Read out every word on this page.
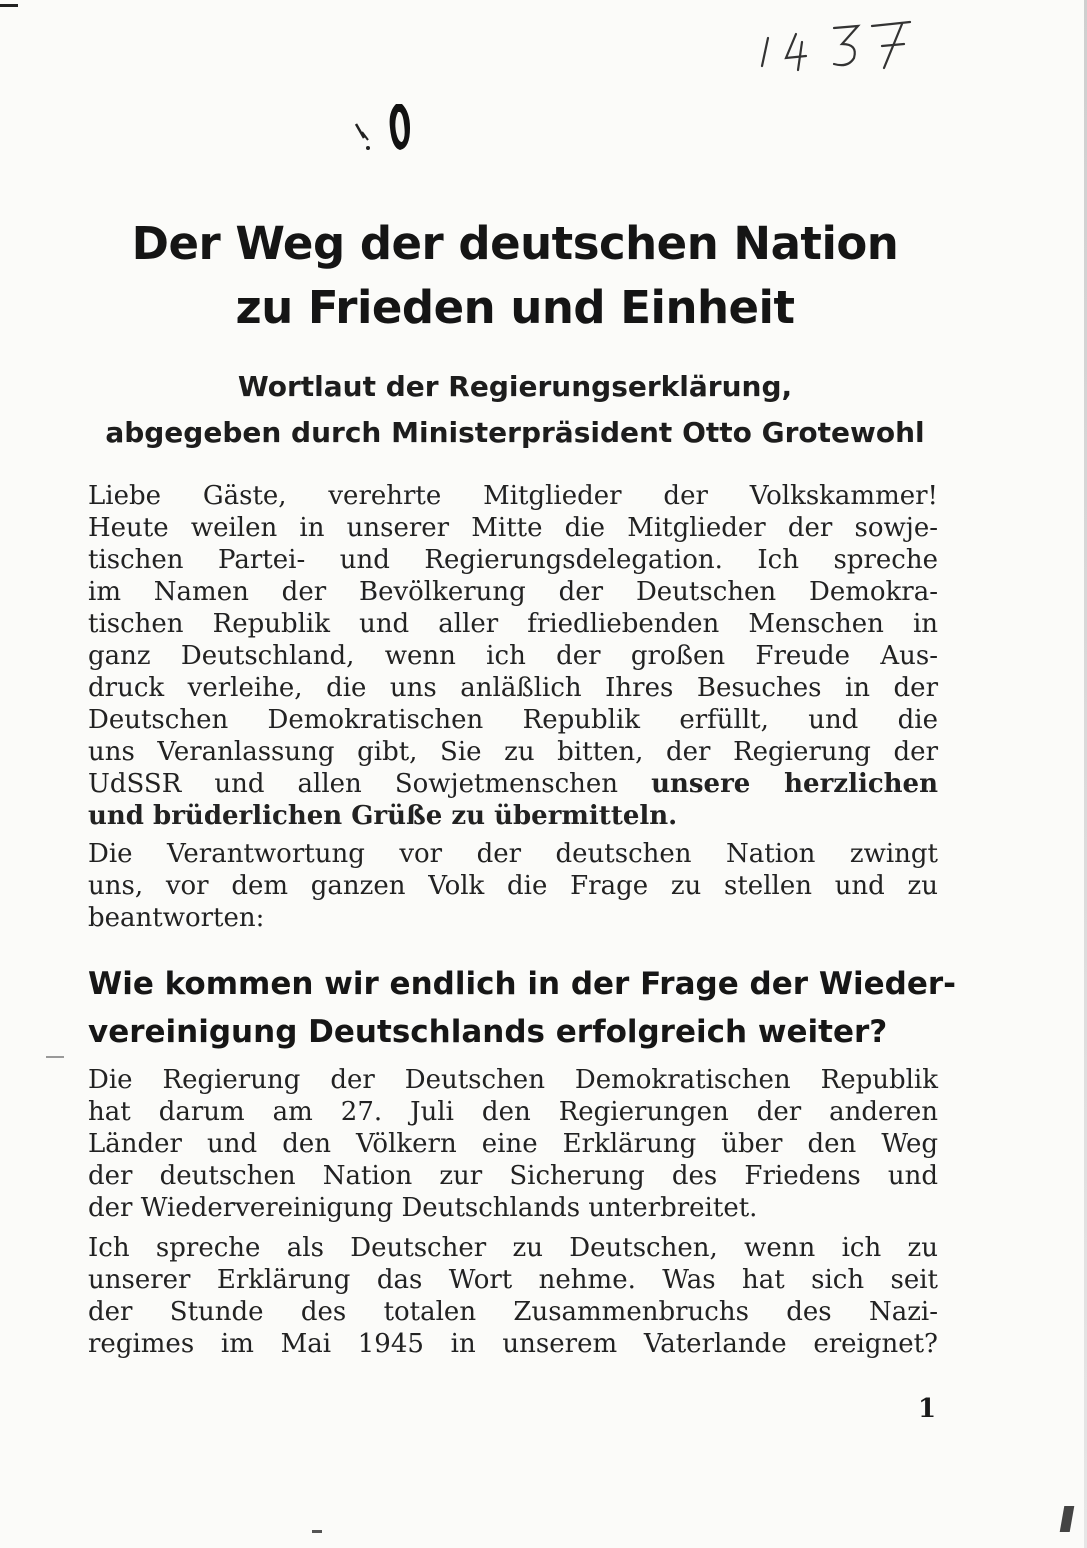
Der Weg der deutschen Nation
zu Frieden und Einheit
Wortlaut der Regierungserklärung,
abgegeben durch Ministerpräsident Otto Grotewohl
Liebe Gäste, verehrte Mitglieder der Volkskammer!
Heute weilen in unserer Mitte die Mitglieder der sowje-
tischen Partei- und Regierungsdelegation. Ich spreche
im Namen der Bevölkerung der Deutschen Demokra-
tischen Republik und aller friedliebenden Menschen in
ganz Deutschland, wenn ich der großen Freude Aus-
druck verleihe, die uns anläßlich Ihres Besuches in der
Deutschen Demokratischen Republik erfüllt, und die
uns Veranlassung gibt, Sie zu bitten, der Regierung der
UdSSR und allen Sowjetmenschen unsere herzlichen
und brüderlichen Grüße zu übermitteln.
Die Verantwortung vor der deutschen Nation zwingt
uns, vor dem ganzen Volk die Frage zu stellen und zu
beantworten:
Wie kommen wir endlich in der Frage der Wieder-
vereinigung Deutschlands erfolgreich weiter?
Die Regierung der Deutschen Demokratischen Republik
hat darum am 27. Juli den Regierungen der anderen
Länder und den Völkern eine Erklärung über den Weg
der deutschen Nation zur Sicherung des Friedens und
der Wiedervereinigung Deutschlands unterbreitet.
Ich spreche als Deutscher zu Deutschen, wenn ich zu
unserer Erklärung das Wort nehme. Was hat sich seit
der Stunde des totalen Zusammenbruchs des Nazi-
regimes im Mai 1945 in unserem Vaterlande ereignet?
1
